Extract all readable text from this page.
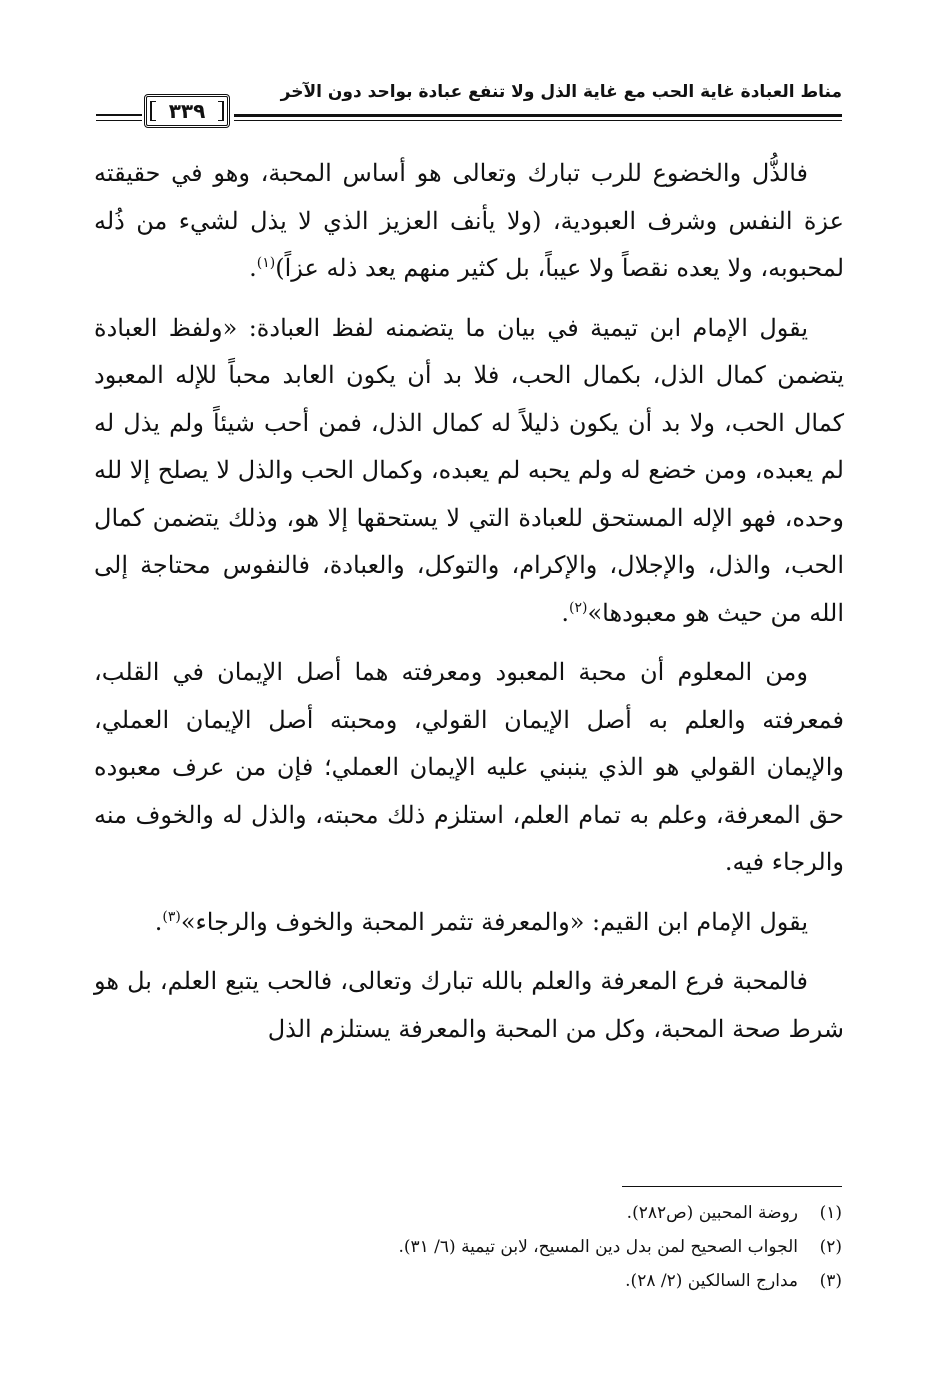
مناط العبادة غاية الحب مع غاية الذل ولا تنفع عبادة بواحد دون الآخر
٣٣٩

فالذُّل والخضوع للرب تبارك وتعالى هو أساس المحبة، وهو في حقيقته عزة النفس وشرف العبودية، (ولا يأنف العزيز الذي لا يذل لشيء من ذُله لمحبوبه، ولا يعده نقصاً ولا عيباً، بل كثير منهم يعد ذله عزاً)$^{(١)}$.

يقول الإمام ابن تيمية في بيان ما يتضمنه لفظ العبادة: «ولفظ العبادة يتضمن كمال الذل، بكمال الحب، فلا بد أن يكون العابد محباً للإله المعبود كمال الحب، ولا بد أن يكون ذليلاً له كمال الذل، فمن أحب شيئاً ولم يذل له لم يعبده، ومن خضع له ولم يحبه لم يعبده، وكمال الحب والذل لا يصلح إلا لله وحده، فهو الإله المستحق للعبادة التي لا يستحقها إلا هو، وذلك يتضمن كمال الحب، والذل، والإجلال، والإكرام، والتوكل، والعبادة، فالنفوس محتاجة إلى الله من حيث هو معبودها»$^{(٢)}$.

ومن المعلوم أن محبة المعبود ومعرفته هما أصل الإيمان في القلب، فمعرفته والعلم به أصل الإيمان القولي، ومحبته أصل الإيمان العملي، والإيمان القولي هو الذي ينبني عليه الإيمان العملي؛ فإن من عرف معبوده حق المعرفة، وعلم به تمام العلم، استلزم ذلك محبته، والذل له والخوف منه والرجاء فيه.

يقول الإمام ابن القيم: «والمعرفة تثمر المحبة والخوف والرجاء»$^{(٣)}$.

فالمحبة فرع المعرفة والعلم بالله تبارك وتعالى، فالحب يتبع العلم، بل هو شرط صحة المحبة، وكل من المحبة والمعرفة يستلزم الذل

(١)
روضة المحبين (ص٢٨٢).
(٢)
الجواب الصحيح لمن بدل دين المسيح، لابن تيمية (٦/ ٣١).
(٣)
مدارج السالكين (٢/ ٢٨).
